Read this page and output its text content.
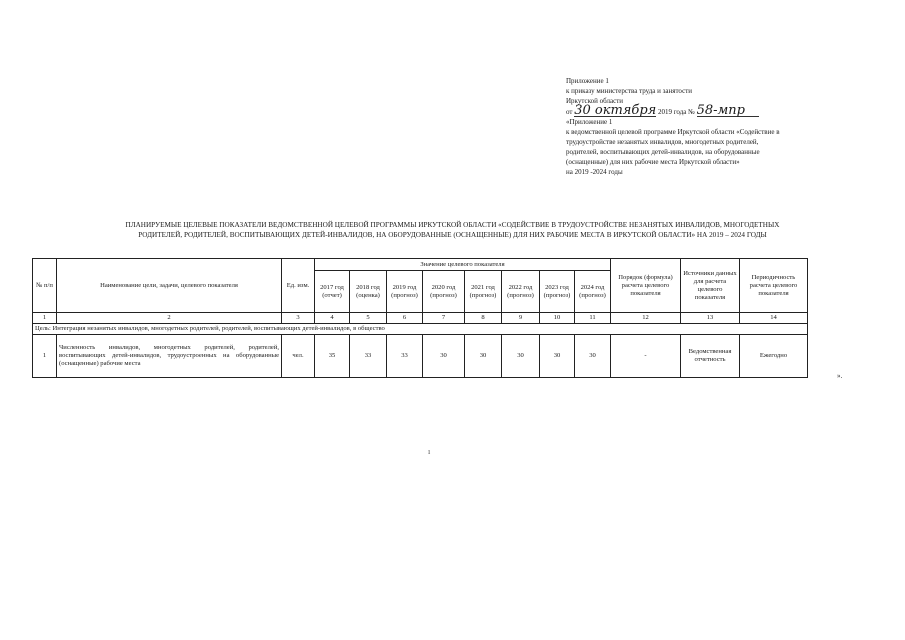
Приложение 1
к приказу министерства труда и занятости
Иркутской области
от 30 октября 2019 года № 58-мпр
«Приложение 1
к ведомственной целевой программе Иркутской области «Содействие в
трудоустройстве незанятых инвалидов, многодетных родителей,
родителей, воспитывающих детей-инвалидов, на оборудованные
(оснащенные) для них рабочие места Иркутской области»
на 2019 -2024 годы
ПЛАНИРУЕМЫЕ ЦЕЛЕВЫЕ ПОКАЗАТЕЛИ ВЕДОМСТВЕННОЙ ЦЕЛЕВОЙ ПРОГРАММЫ ИРКУТСКОЙ ОБЛАСТИ «СОДЕЙСТВИЕ В ТРУДОУСТРОЙСТВЕ НЕЗАНЯТЫХ ИНВАЛИДОВ, МНОГОДЕТНЫХ
РОДИТЕЛЕЙ, РОДИТЕЛЕЙ, ВОСПИТЫВАЮЩИХ ДЕТЕЙ-ИНВАЛИДОВ, НА ОБОРУДОВАННЫЕ (ОСНАЩЕННЫЕ) ДЛЯ НИХ РАБОЧИЕ МЕСТА В ИРКУТСКОЙ ОБЛАСТИ» НА 2019 – 2024 ГОДЫ
№ п/п	Наименование цели, задачи, целевого показателя	Ед. изм.	Значение целевого показателя								Порядок (формула) расчета целевого показателя	Источники данных для расчета целевого показателя	Периодичность расчета целевого показателя
			2017 год (отчет)	2018 год (оценка)	2019 год (прогноз)	2020 год (прогноз)	2021 год (прогноз)	2022 год (прогноз)	2023 год (прогноз)	2024 год (прогноз)			
1	2	3	4	5	6	7	8	9	10	11	12	13	14
Цель: Интеграция незанятых инвалидов, многодетных родителей, родителей, воспитывающих детей-инвалидов, в общество													
1	Численность инвалидов, многодетных родителей, родителей, воспитывающих детей-инвалидов, трудоустроенных на оборудованные (оснащенные) рабочие места	чел.	35	33	33	30	30	30	30	30	-	Ведомственная отчетность	Ежегодно
».
ı
